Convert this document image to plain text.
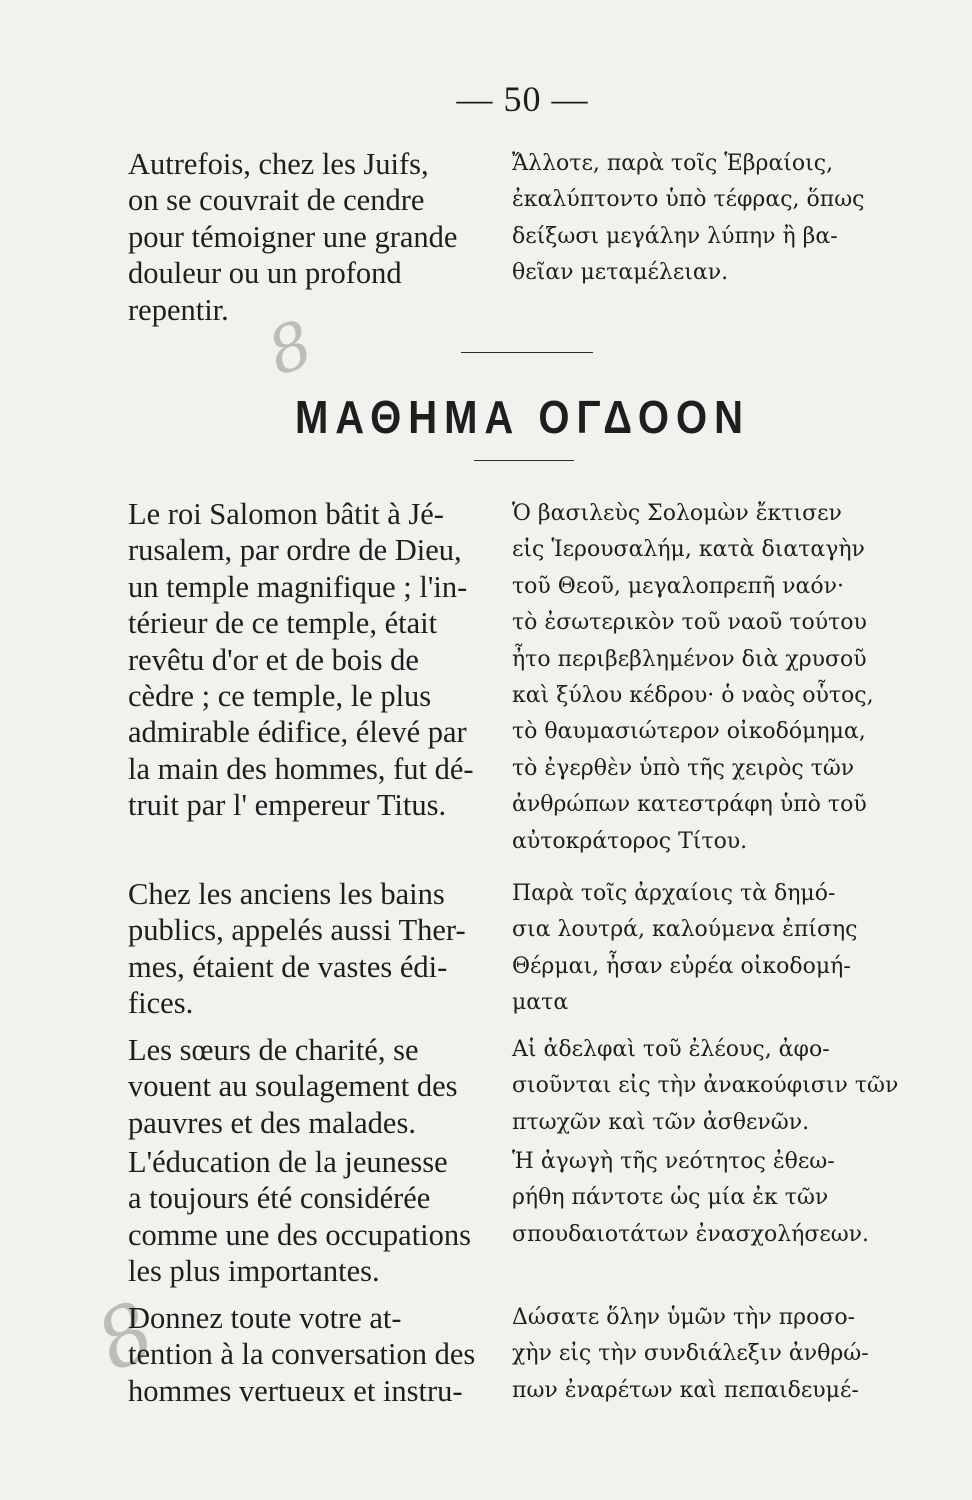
— 50 —
Autrefois, chez les Juifs,
on se couvrait de cendre
pour témoigner une grande
douleur ou un profond
repentir.
Ἄλλοτε, παρὰ τοῖς Ἑβραίοις,
ἐκαλύπτοντο ὑπὸ τέφρας, ὅπως
δείξωσι μεγάλην λύπην ἢ βα-
θεῖαν μεταμέλειαν.
8
ΜΑΘΗΜΑ ΟΓΔΟΟΝ
Le roi Salomon bâtit à Jé-
rusalem, par ordre de Dieu,
un temple magnifique ; l'in-
térieur de ce temple, était
revêtu d'or et de bois de
cèdre ; ce temple, le plus
admirable édifice, élevé par
la main des hommes, fut dé-
truit par l' empereur Titus.
Ὁ βασιλεὺς Σολομὼν ἔκτισεν
εἰς Ἱερουσαλήμ, κατὰ διαταγὴν
τοῦ Θεοῦ, μεγαλοπρεπῆ ναόν·
τὸ ἐσωτερικὸν τοῦ ναοῦ τούτου
ἦτο περιβεβλημένον διὰ χρυσοῦ
καὶ ξύλου κέδρου· ὁ ναὸς οὗτος,
τὸ θαυμασιώτερον οἰκοδόμημα,
τὸ ἐγερθὲν ὑπὸ τῆς χειρὸς τῶν
ἀνθρώπων κατεστράφη ὑπὸ τοῦ
αὐτοκράτορος Τίτου.
Chez les anciens les bains
publics, appelés aussi Ther-
mes, étaient de vastes édi-
fices.
Παρὰ τοῖς ἀρχαίοις τὰ δημό-
σια λουτρά, καλούμενα ἐπίσης
Θέρμαι, ἦσαν εὐρέα οἰκοδομή-
ματα
Les sœurs de charité, se
vouent au soulagement des
pauvres et des malades.
Αἱ ἀδελφαὶ τοῦ ἐλέους, ἀφο-
σιοῦνται εἰς τὴν ἀνακούφισιν τῶν
πτωχῶν καὶ τῶν ἀσθενῶν.
L'éducation de la jeunesse
a toujours été considérée
comme une des occupations
les plus importantes.
Ἡ ἀγωγὴ τῆς νεότητος ἐθεω-
ρήθη πάντοτε ὡς μία ἐκ τῶν
σπουδαιοτάτων ἐνασχολήσεων.
8
Donnez toute votre at-
tention à la conversation des
hommes vertueux et instru-
Δώσατε ὅλην ὑμῶν τὴν προσο-
χὴν εἰς τὴν συνδιάλεξιν ἀνθρώ-
πων ἐναρέτων καὶ πεπαιδευμέ-
